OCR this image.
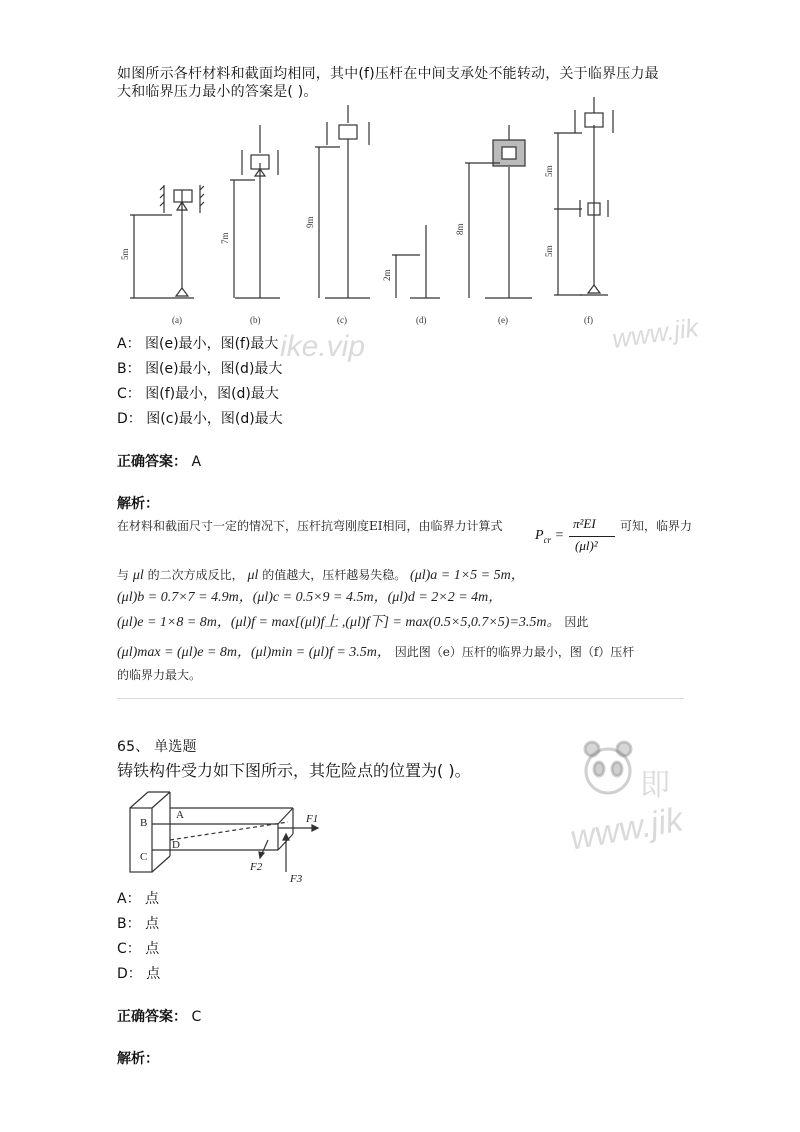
如图所示各杆材料和截面均相同，其中(f)压杆在中间支承处不能转动，关于临界压力最
大和临界压力最小的答案是( )。
5m
7m
9m
2m
8m
5m
5m
(a)	(b)	(c)	(d)	(e)	(f)
ike.vip	www.jik
A： 图(e)最小，图(f)最大
B： 图(e)最小，图(d)最大
C： 图(f)最小，图(d)最大
D： 图(c)最小，图(d)最大
正确答案： A
解析：
在材料和截面尺寸一定的情况下，压杆抗弯刚度EI相同，由临界力计算式
$P_{cr}$ =
π²EI
(μl)²
可知，临界力
与 μl 的二次方成反比， μl 的值越大，压杆越易失稳。 (μl)a = 1×5 = 5m，
(μl)b = 0.7×7 = 4.9m，(μl)c = 0.5×9 = 4.5m，(μl)d = 2×2 = 4m，
(μl)e = 1×8 = 8m，(μl)f = max[(μl)f上 ,(μl)f下] = max(0.5×5,0.7×5)=3.5m。 因此
(μl)max = (μl)e = 8m，(μl)min = (μl)f = 3.5m， 因此图（e）压杆的临界力最小，图（f）压杆
的临界力最大。
65、 单选题
铸铁构件受力如下图所示，其危险点的位置为( )。	即
www.jik
A
B
C
D
F1
F2
F3
A： 点
B： 点
C： 点
D： 点
正确答案： C
解析：
